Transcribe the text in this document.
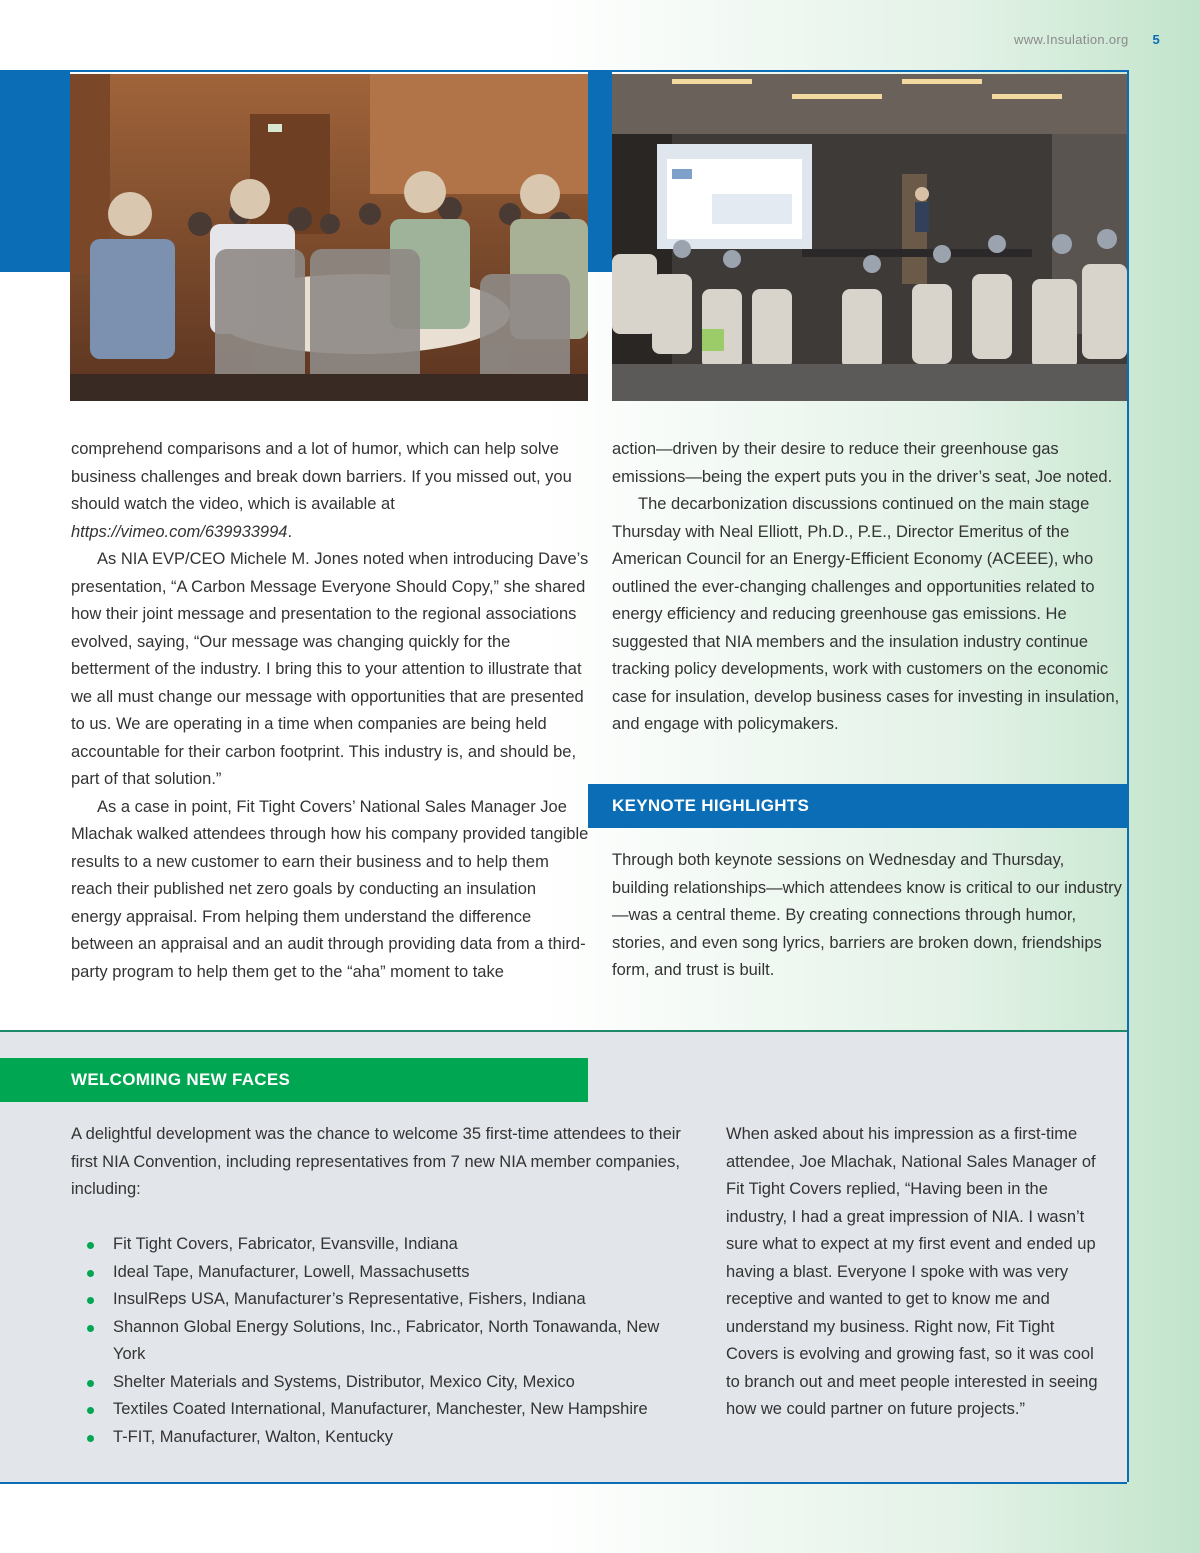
www.Insulation.org 5

comprehend comparisons and a lot of humor, which can help solve business challenges and break down barriers. If you missed out, you should watch the video, which is available at https://vimeo.com/639933994.

As NIA EVP/CEO Michele M. Jones noted when introducing Dave’s presentation, “A Carbon Message Everyone Should Copy,” she shared how their joint message and presentation to the regional associations evolved, saying, “Our message was changing quickly for the betterment of the industry. I bring this to your attention to illustrate that we all must change our message with opportunities that are presented to us. We are operating in a time when companies are being held accountable for their carbon footprint. This industry is, and should be, part of that solution.”

As a case in point, Fit Tight Covers’ National Sales Manager Joe Mlachak walked attendees through how his company provided tangible results to a new customer to earn their business and to help them reach their published net zero goals by conducting an insulation energy appraisal. From helping them understand the difference between an appraisal and an audit through providing data from a third-party program to help them get to the “aha” moment to take

action—driven by their desire to reduce their greenhouse gas emissions—being the expert puts you in the driver’s seat, Joe noted.

The decarbonization discussions continued on the main stage Thursday with Neal Elliott, Ph.D., P.E., Director Emeritus of the American Council for an Energy-Efficient Economy (ACEEE), who outlined the ever-changing challenges and opportunities related to energy efficiency and reducing greenhouse gas emissions. He suggested that NIA members and the insulation industry continue tracking policy developments, work with customers on the economic case for insulation, develop business cases for investing in insulation, and engage with policymakers.

KEYNOTE HIGHLIGHTS

Through both keynote sessions on Wednesday and Thursday, building relationships—which attendees know is critical to our industry—was a central theme. By creating connections through humor, stories, and even song lyrics, barriers are broken down, friendships form, and trust is built.

WELCOMING NEW FACES

A delightful development was the chance to welcome 35 first-time attendees to their first NIA Convention, including representatives from 7 new NIA member companies, including:

Fit Tight Covers, Fabricator, Evansville, Indiana
Ideal Tape, Manufacturer, Lowell, Massachusetts
InsulReps USA, Manufacturer’s Representative, Fishers, Indiana
Shannon Global Energy Solutions, Inc., Fabricator, North Tonawanda, New York
Shelter Materials and Systems, Distributor, Mexico City, Mexico
Textiles Coated International, Manufacturer, Manchester, New Hampshire
T-FIT, Manufacturer, Walton, Kentucky

When asked about his impression as a first-time attendee, Joe Mlachak, National Sales Manager of Fit Tight Covers replied, “Having been in the industry, I had a great impression of NIA. I wasn’t sure what to expect at my first event and ended up having a blast. Everyone I spoke with was very receptive and wanted to get to know me and understand my business. Right now, Fit Tight Covers is evolving and growing fast, so it was cool to branch out and meet people interested in seeing how we could partner on future projects.”
